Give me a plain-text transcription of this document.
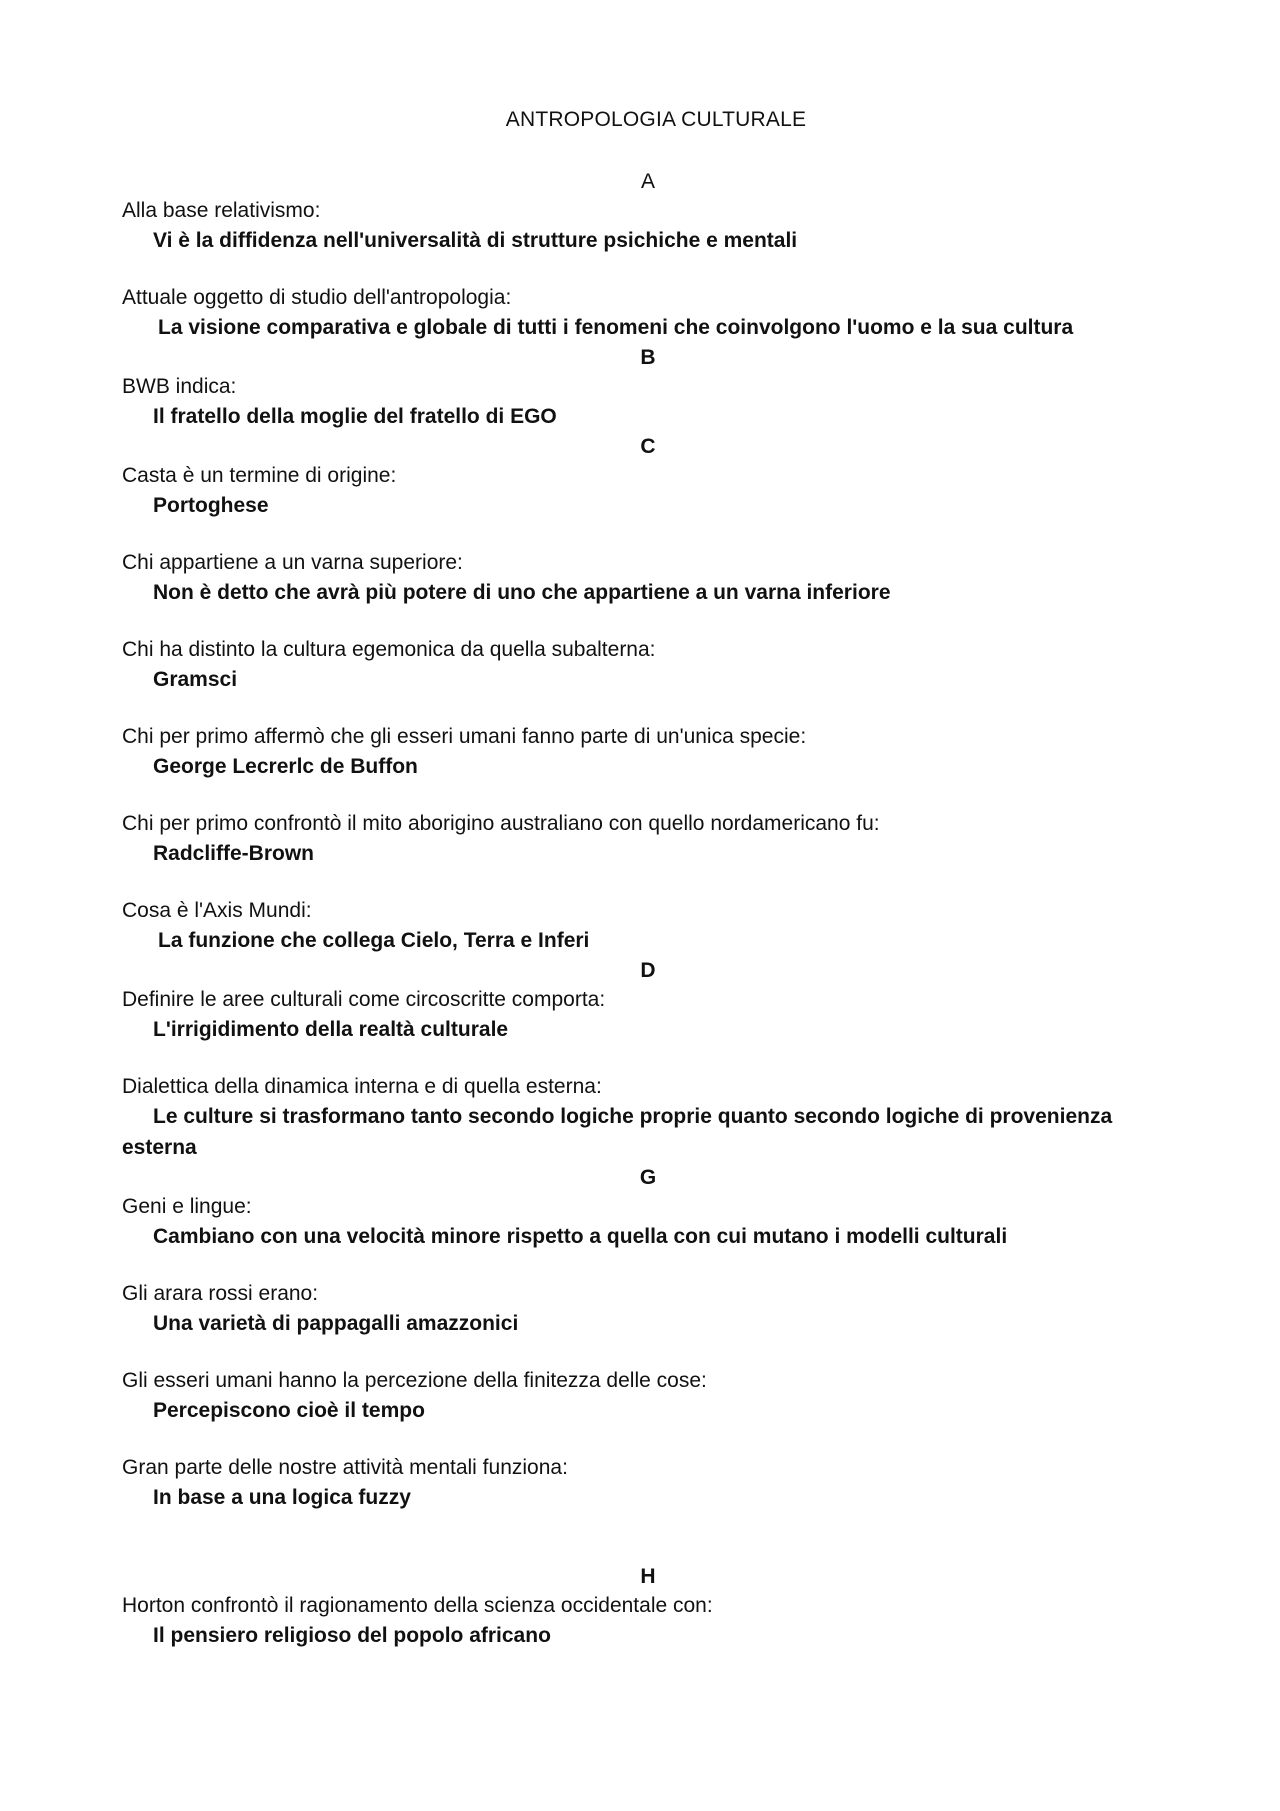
ANTROPOLOGIA CULTURALE
A
Alla base relativismo:
Vi è la diffidenza nell'universalità di strutture psichiche e mentali
Attuale oggetto di studio dell'antropologia:
La visione comparativa e globale di tutti i fenomeni che coinvolgono l'uomo e la sua cultura
B
BWB indica:
Il fratello della moglie del fratello di EGO
C
Casta è un termine di origine:
Portoghese
Chi appartiene a un varna superiore:
Non è detto che avrà più potere di uno che appartiene a un varna inferiore
Chi ha distinto la cultura egemonica da quella subalterna:
Gramsci
Chi per primo affermò che gli esseri umani fanno parte di un'unica specie:
George Lecrerlc de Buffon
Chi per primo confrontò il mito aborigino australiano con quello nordamericano fu:
Radcliffe-Brown
Cosa è l'Axis Mundi:
La funzione che collega Cielo, Terra e Inferi
D
Definire le aree culturali come circoscritte comporta:
L'irrigidimento della realtà culturale
Dialettica della dinamica interna e di quella esterna:
Le culture si trasformano tanto secondo logiche proprie quanto secondo logiche di provenienza esterna
G
Geni e lingue:
Cambiano con una velocità minore rispetto a quella con cui mutano i modelli culturali
Gli arara rossi erano:
Una varietà di pappagalli amazzonici
Gli esseri umani hanno la percezione della finitezza delle cose:
Percepiscono cioè il tempo
Gran parte delle nostre attività mentali funziona:
In base a una logica fuzzy
H
Horton confrontò il ragionamento della scienza occidentale con:
Il pensiero religioso del popolo africano
